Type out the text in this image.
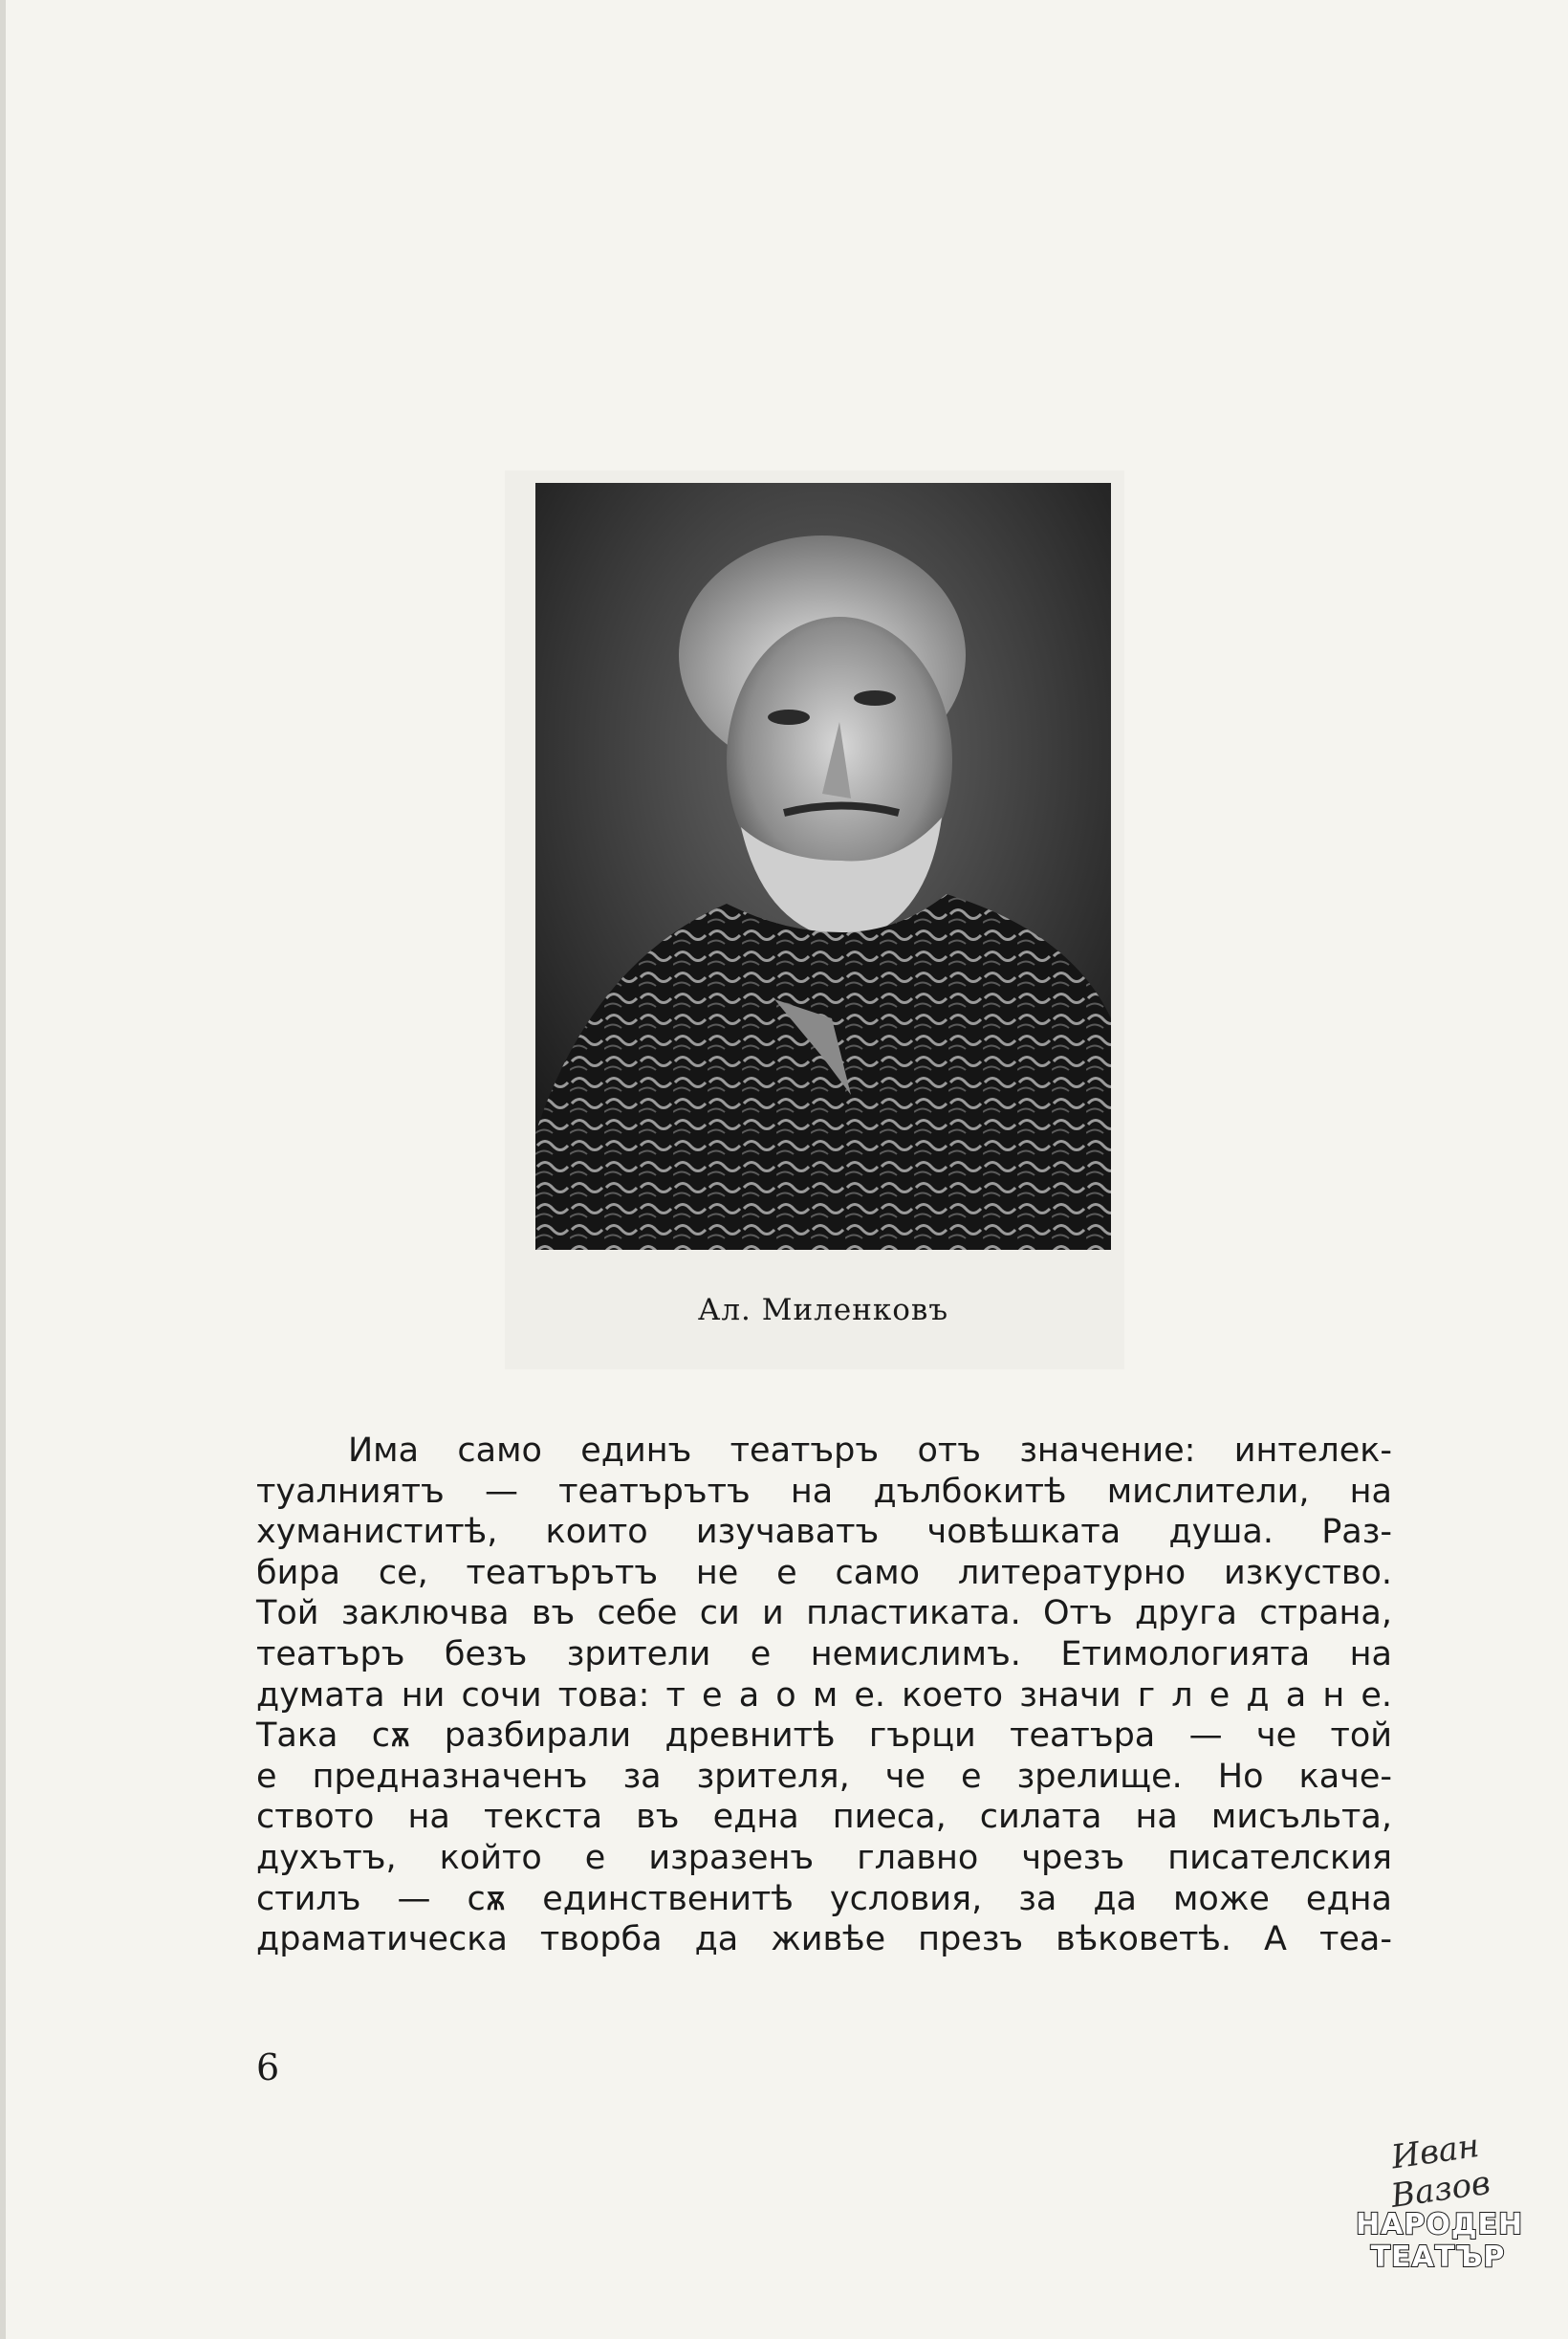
Ал. Миленковъ
Има само единъ театъръ отъ значение: интелек-
туалниятъ — театърътъ на дълбокитѣ мислители, на
хуманиститѣ, които изучаватъ човѣшката душа. Раз-
бира се, театърътъ не е само литературно изкуство.
Той заключва въ себе си и пластиката. Отъ друга страна,
театъръ безъ зрители е немислимъ. Етимологията на
думата ни сочи това: т е а о м е. което значи г л е д а н е.
Така сѫ разбирали древнитѣ гърци театъра — че той
е предназначенъ за зрителя, че е зрелище. Но каче-
ството на текста въ една пиеса, силата на мисъльта,
духътъ, който е изразенъ главно чрезъ писателския
стилъ — сѫ единственитѣ условия, за да може една
драматическа творба да живѣе презъ вѣковетѣ. А теа-
6
Иван Вазов
НАРОДЕН
ТЕАТЪР
